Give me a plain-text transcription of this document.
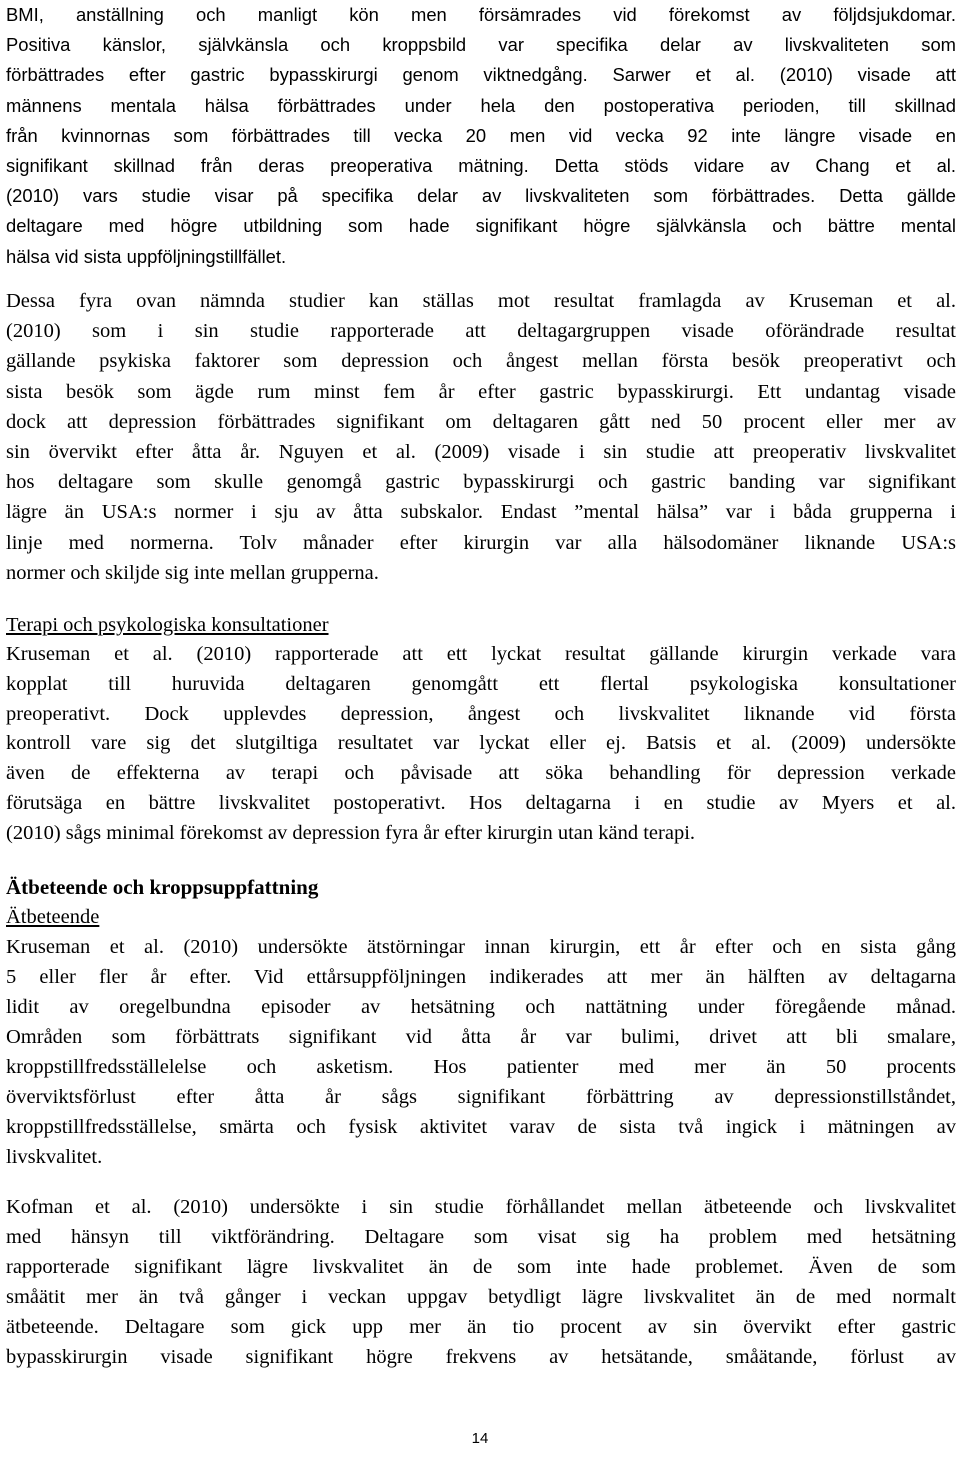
BMI, anställning och manligt kön men försämrades vid förekomst av följdsjukdomar.
Positiva känslor, självkänsla och kroppsbild var specifika delar av livskvaliteten som
förbättrades efter gastric bypasskirurgi genom viktnedgång. Sarwer et al. (2010) visade att
männens mentala hälsa förbättrades under hela den postoperativa perioden, till skillnad
från kvinnornas som förbättrades till vecka 20 men vid vecka 92 inte längre visade en
signifikant skillnad från deras preoperativa mätning. Detta stöds vidare av Chang et al.
(2010) vars studie visar på specifika delar av livskvaliteten som förbättrades. Detta gällde
deltagare med högre utbildning som hade signifikant högre självkänsla och bättre mental
hälsa vid sista uppföljningstillfället.
Dessa fyra ovan nämnda studier kan ställas mot resultat framlagda av Kruseman et al.
(2010) som i sin studie rapporterade att deltagargruppen visade oförändrade resultat
gällande psykiska faktorer som depression och ångest mellan första besök preoperativt och
sista besök som ägde rum minst fem år efter gastric bypasskirurgi. Ett undantag visade
dock att depression förbättrades signifikant om deltagaren gått ned 50 procent eller mer av
sin övervikt efter åtta år. Nguyen et al. (2009) visade i sin studie att preoperativ livskvalitet
hos deltagare som skulle genomgå gastric bypasskirurgi och gastric banding var signifikant
lägre än USA:s normer i sju av åtta subskalor. Endast ”mental hälsa” var i båda grupperna i
linje med normerna. Tolv månader efter kirurgin var alla hälsodomäner liknande USA:s
normer och skiljde sig inte mellan grupperna.
Terapi och psykologiska konsultationer
Kruseman et al. (2010) rapporterade att ett lyckat resultat gällande kirurgin verkade vara
kopplat till huruvida deltagaren genomgått ett flertal psykologiska konsultationer
preoperativt. Dock upplevdes depression, ångest och livskvalitet liknande vid första
kontroll vare sig det slutgiltiga resultatet var lyckat eller ej. Batsis et al. (2009) undersökte
även de effekterna av terapi och påvisade att söka behandling för depression verkade
förutsäga en bättre livskvalitet postoperativt. Hos deltagarna i en studie av Myers et al.
(2010) sågs minimal förekomst av depression fyra år efter kirurgin utan känd terapi.
Ätbeteende och kroppsuppfattning
Ätbeteende
Kruseman et al. (2010) undersökte ätstörningar innan kirurgin, ett år efter och en sista gång
5 eller fler år efter. Vid ettårsuppföljningen indikerades att mer än hälften av deltagarna
lidit av oregelbundna episoder av hetsätning och nattätning under föregående månad.
Områden som förbättrats signifikant vid åtta år var bulimi, drivet att bli smalare,
kroppstillfredsställelelse och asketism. Hos patienter med mer än 50 procents
överviktsförlust efter åtta år sågs signifikant förbättring av depressionstillståndet,
kroppstillfredsställelse, smärta och fysisk aktivitet varav de sista två ingick i mätningen av
livskvalitet.
Kofman et al. (2010) undersökte i sin studie förhållandet mellan ätbeteende och livskvalitet
med hänsyn till viktförändring. Deltagare som visat sig ha problem med hetsätning
rapporterade signifikant lägre livskvalitet än de som inte hade problemet. Även de som
småätit mer än två gånger i veckan uppgav betydligt lägre livskvalitet än de med normalt
ätbeteende. Deltagare som gick upp mer än tio procent av sin övervikt efter gastric
bypasskirurgin visade signifikant högre frekvens av hetsätande, småätande, förlust av
14
